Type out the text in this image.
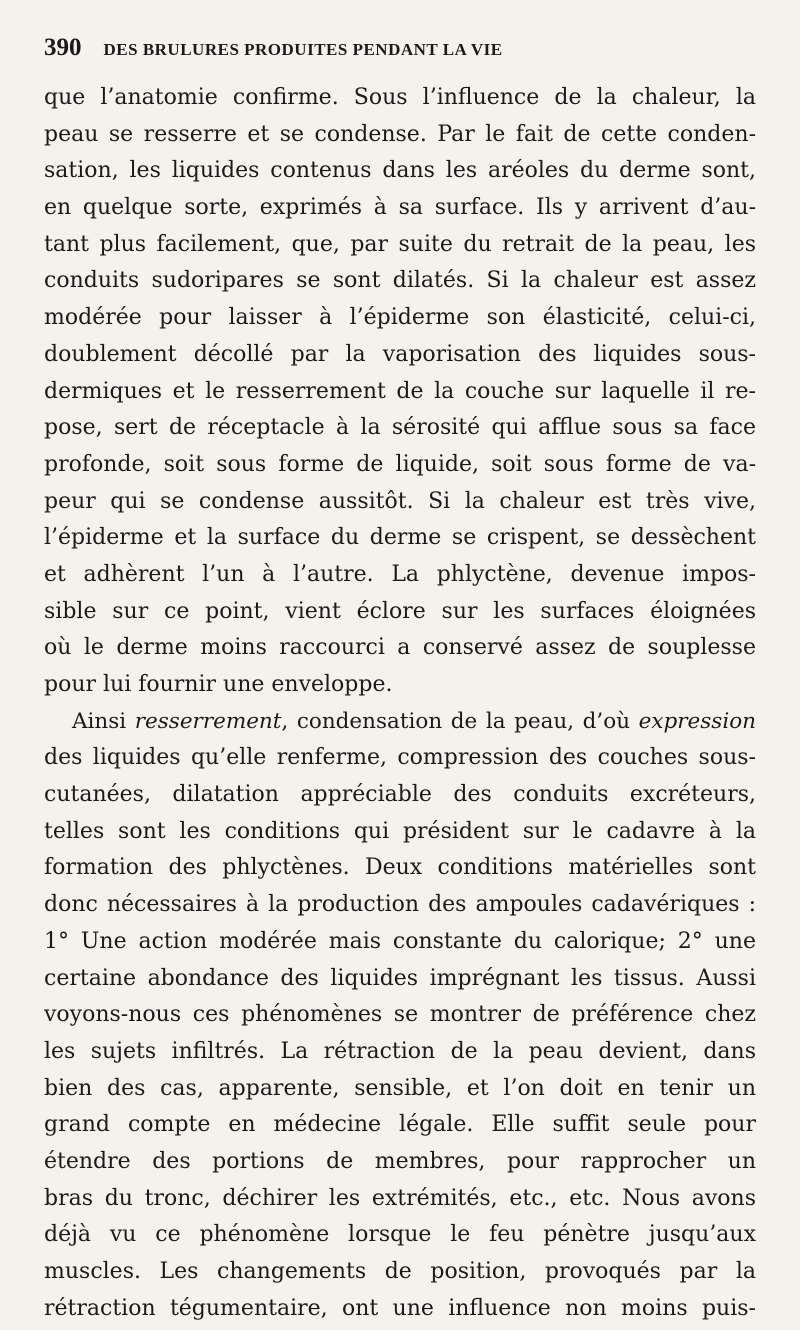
390 DES BRULURES PRODUITES PENDANT LA VIE
que l’anatomie confirme. Sous l’influence de la chaleur, la
peau se resserre et se condense. Par le fait de cette conden-
sation, les liquides contenus dans les aréoles du derme sont,
en quelque sorte, exprimés à sa surface. Ils y arrivent d’au-
tant plus facilement, que, par suite du retrait de la peau, les
conduits sudoripares se sont dilatés. Si la chaleur est assez
modérée pour laisser à l’épiderme son élasticité, celui-ci,
doublement décollé par la vaporisation des liquides sous-
dermiques et le resserrement de la couche sur laquelle il re-
pose, sert de réceptacle à la sérosité qui afflue sous sa face
profonde, soit sous forme de liquide, soit sous forme de va-
peur qui se condense aussitôt. Si la chaleur est très vive,
l’épiderme et la surface du derme se crispent, se dessèchent
et adhèrent l’un à l’autre. La phlyctène, devenue impos-
sible sur ce point, vient éclore sur les surfaces éloignées
où le derme moins raccourci a conservé assez de souplesse
pour lui fournir une enveloppe.
Ainsi resserrement, condensation de la peau, d’où expression
des liquides qu’elle renferme, compression des couches sous-
cutanées, dilatation appréciable des conduits excréteurs,
telles sont les conditions qui président sur le cadavre à la
formation des phlyctènes. Deux conditions matérielles sont
donc nécessaires à la production des ampoules cadavériques :
1° Une action modérée mais constante du calorique; 2° une
certaine abondance des liquides imprégnant les tissus. Aussi
voyons-nous ces phénomènes se montrer de préférence chez
les sujets infiltrés. La rétraction de la peau devient, dans
bien des cas, apparente, sensible, et l’on doit en tenir un
grand compte en médecine légale. Elle suffit seule pour
étendre des portions de membres, pour rapprocher un
bras du tronc, déchirer les extrémités, etc., etc. Nous avons
déjà vu ce phénomène lorsque le feu pénètre jusqu’aux
muscles. Les changements de position, provoqués par la
rétraction tégumentaire, ont une influence non moins puis-
